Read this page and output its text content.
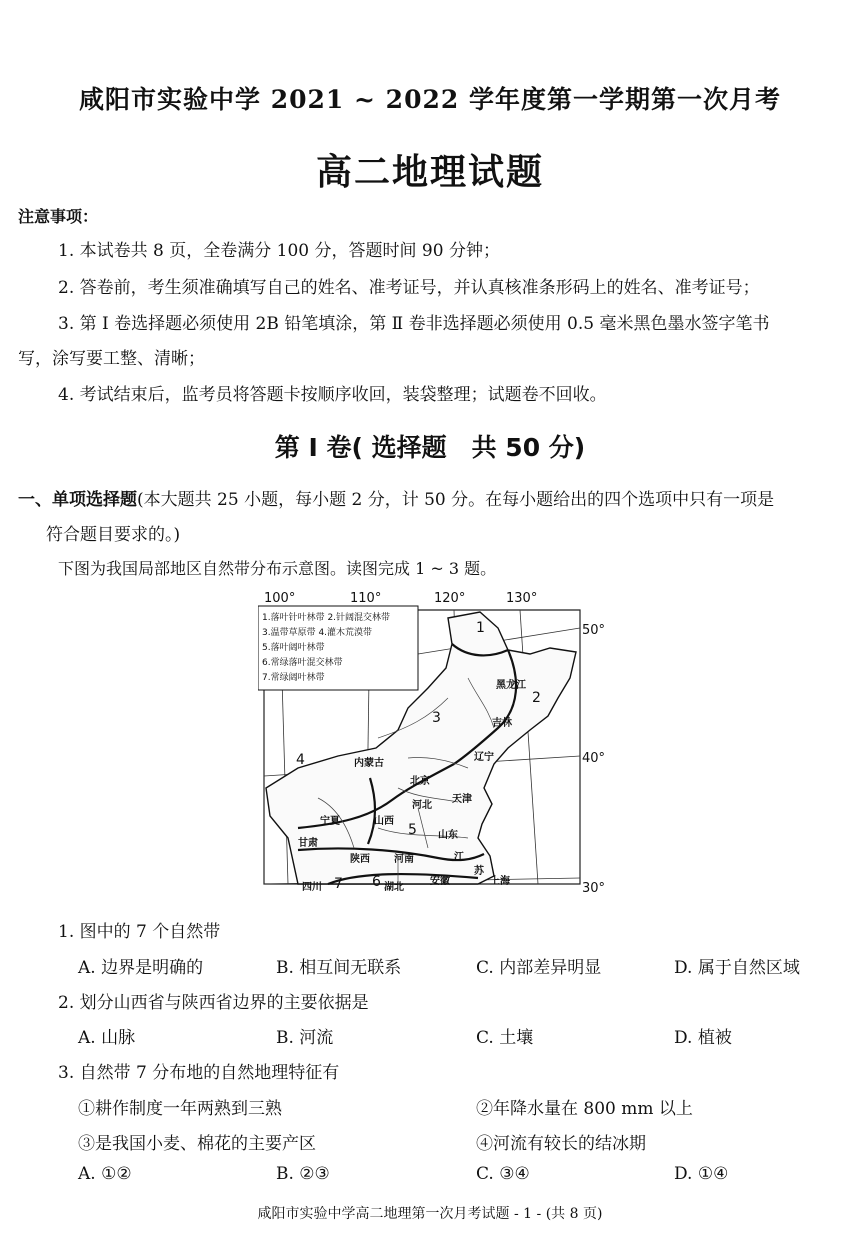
咸阳市实验中学 2021 ~ 2022 学年度第一学期第一次月考
高二地理试题
注意事项：
1. 本试卷共 8 页，全卷满分 100 分，答题时间 90 分钟；
2. 答卷前，考生须准确填写自己的姓名、准考证号，并认真核准条形码上的姓名、准考证号；
3. 第 Ⅰ 卷选择题必须使用 2B 铅笔填涂，第 Ⅱ 卷非选择题必须使用 0.5 毫米黑色墨水签字笔书
写，涂写要工整、清晰；
4. 考试结束后，监考员将答题卡按顺序收回，装袋整理；试题卷不回收。
第 Ⅰ 卷( 选择题　共 50 分)
一、单项选择题(本大题共 25 小题，每小题 2 分，计 50 分。在每小题给出的四个选项中只有一项是
符合题目要求的。)
下图为我国局部地区自然带分布示意图。读图完成 1 ~ 3 题。
1.落叶针叶林带 2.针阔混交林带
3.温带草原带 4.灌木荒漠带
5.落叶阔叶林带
6.常绿落叶混交林带
7.常绿阔叶林带
100°	110°	120°	130°
50°
40°
30°
1
2
3
4
5
6
7
黑龙江
吉林
辽宁
内蒙古
北京
天津
河北
山西
山东
宁夏
甘肃
陕西 河南	江
苏
安徽
湖北
四川
上海
1. 图中的 7 个自然带
A. 边界是明确的	B. 相互间无联系	C. 内部差异明显	D. 属于自然区域
2. 划分山西省与陕西省边界的主要依据是
A. 山脉	B. 河流	C. 土壤	D. 植被
3. 自然带 7 分布地的自然地理特征有
①耕作制度一年两熟到三熟	②年降水量在 800 mm 以上
③是我国小麦、棉花的主要产区	④河流有较长的结冰期
A. ①②	B. ②③	C. ③④	D. ①④
咸阳市实验中学高二地理第一次月考试题 - 1 - (共 8 页)
